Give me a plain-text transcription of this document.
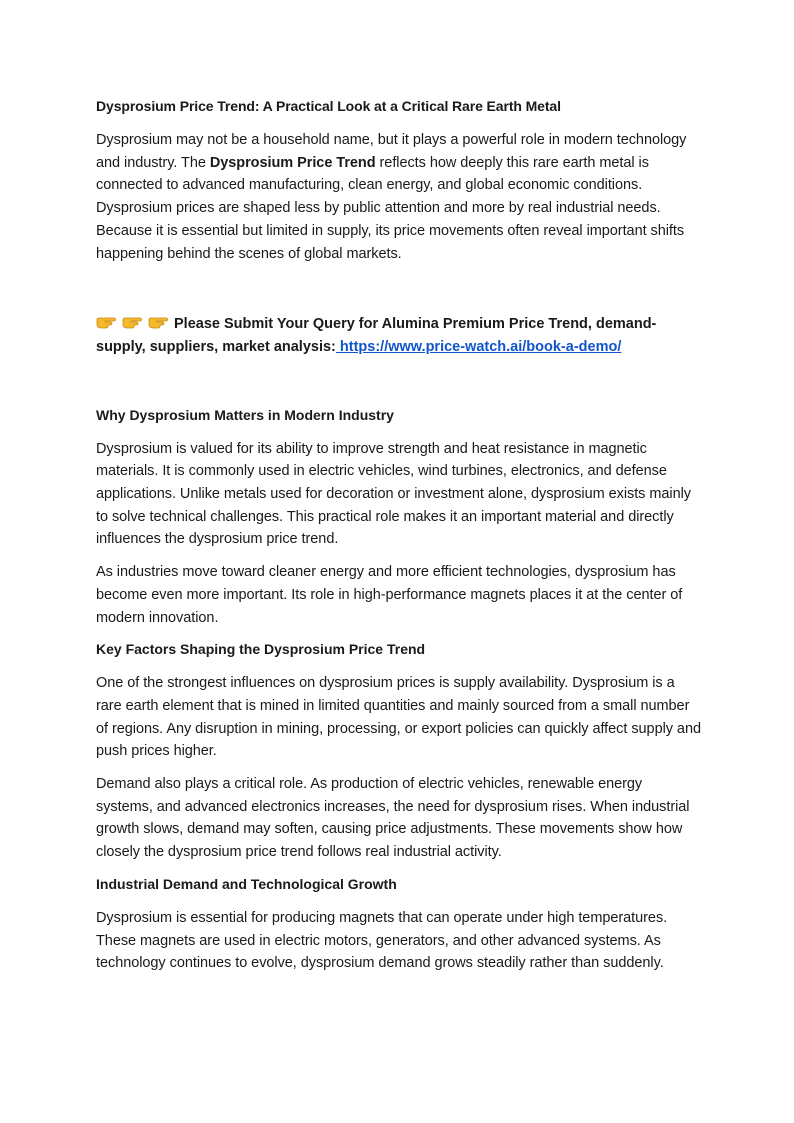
Dysprosium Price Trend: A Practical Look at a Critical Rare Earth Metal

Dysprosium may not be a household name, but it plays a powerful role in modern technology and industry. The Dysprosium Price Trend reflects how deeply this rare earth metal is connected to advanced manufacturing, clean energy, and global economic conditions. Dysprosium prices are shaped less by public attention and more by real industrial needs. Because it is essential but limited in supply, its price movements often reveal important shifts happening behind the scenes of global markets.

Please Submit Your Query for Alumina Premium Price Trend, demand-supply, suppliers, market analysis: https://www.price-watch.ai/book-a-demo/

Why Dysprosium Matters in Modern Industry

Dysprosium is valued for its ability to improve strength and heat resistance in magnetic materials. It is commonly used in electric vehicles, wind turbines, electronics, and defense applications. Unlike metals used for decoration or investment alone, dysprosium exists mainly to solve technical challenges. This practical role makes it an important material and directly influences the dysprosium price trend.

As industries move toward cleaner energy and more efficient technologies, dysprosium has become even more important. Its role in high-performance magnets places it at the center of modern innovation.

Key Factors Shaping the Dysprosium Price Trend

One of the strongest influences on dysprosium prices is supply availability. Dysprosium is a rare earth element that is mined in limited quantities and mainly sourced from a small number of regions. Any disruption in mining, processing, or export policies can quickly affect supply and push prices higher.

Demand also plays a critical role. As production of electric vehicles, renewable energy systems, and advanced electronics increases, the need for dysprosium rises. When industrial growth slows, demand may soften, causing price adjustments. These movements show how closely the dysprosium price trend follows real industrial activity.

Industrial Demand and Technological Growth

Dysprosium is essential for producing magnets that can operate under high temperatures. These magnets are used in electric motors, generators, and other advanced systems. As technology continues to evolve, dysprosium demand grows steadily rather than suddenly.
